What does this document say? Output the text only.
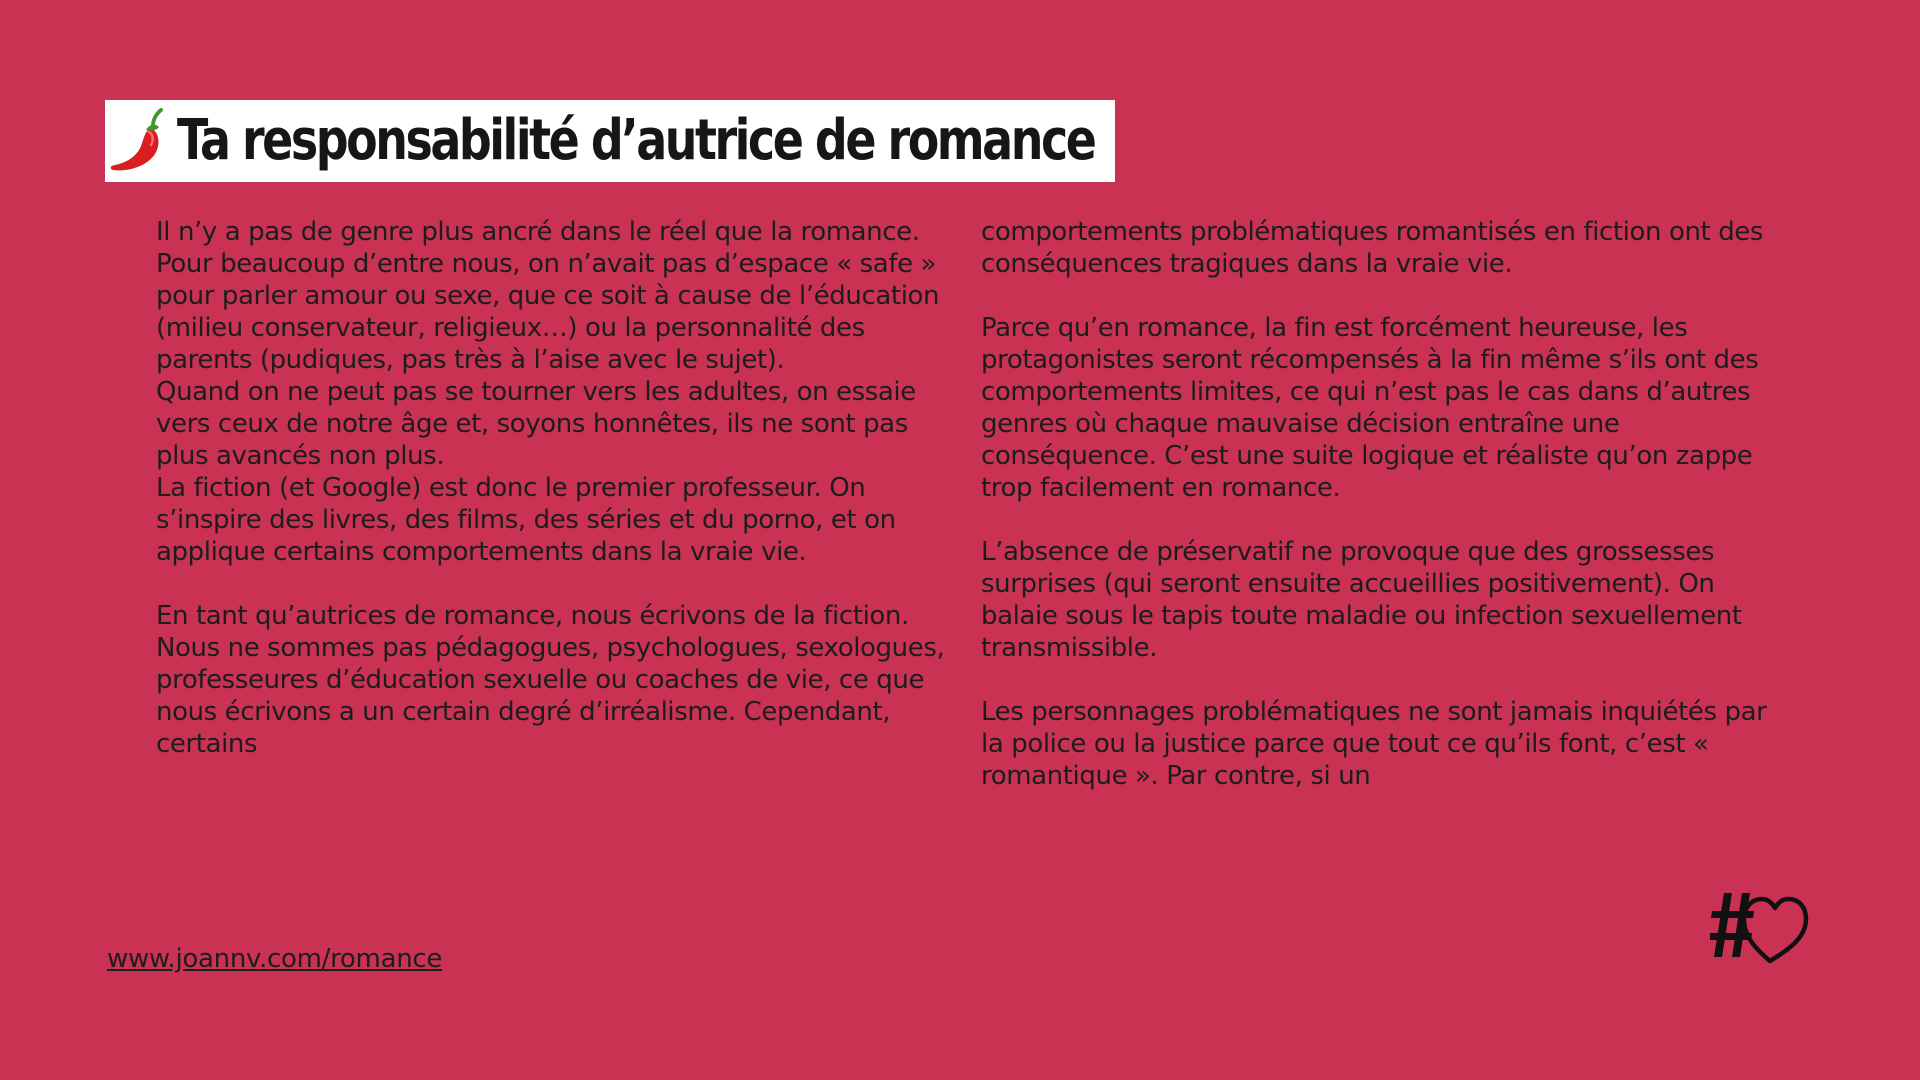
Ta responsabilité d’autrice de romance

Il n’y a pas de genre plus ancré dans le réel que la romance.

Pour beaucoup d’entre nous, on n’avait pas d’espace « safe » pour parler amour ou sexe, que ce soit à cause de l’éducation (milieu conservateur, religieux…) ou la personnalité des parents (pudiques, pas très à l’aise avec le sujet).

Quand on ne peut pas se tourner vers les adultes, on essaie vers ceux de notre âge et, soyons honnêtes, ils ne sont pas plus avancés non plus.

La fiction (et Google) est donc le premier professeur. On s’inspire des livres, des films, des séries et du porno, et on applique certains comportements dans la vraie vie.

En tant qu’autrices de romance, nous écrivons de la fiction. Nous ne sommes pas pédagogues, psychologues, sexologues, professeures d’éducation sexuelle ou coaches de vie, ce que nous écrivons a un certain degré d’irréalisme. Cependant, certains

comportements problématiques romantisés en fiction ont des conséquences tragiques dans la vraie vie.

Parce qu’en romance, la fin est forcément heureuse, les protagonistes seront récompensés à la fin même s’ils ont des comportements limites, ce qui n’est pas le cas dans d’autres genres où chaque mauvaise décision entraîne une conséquence. C’est une suite logique et réaliste qu’on zappe trop facilement en romance.

L’absence de préservatif ne provoque que des grossesses surprises (qui seront ensuite accueillies positivement). On balaie sous le tapis toute maladie ou infection sexuellement transmissible.

Les personnages problématiques ne sont jamais inquiétés par la police ou la justice parce que tout ce qu’ils font, c’est « romantique ». Par contre, si un

www.joannv.com/romance
